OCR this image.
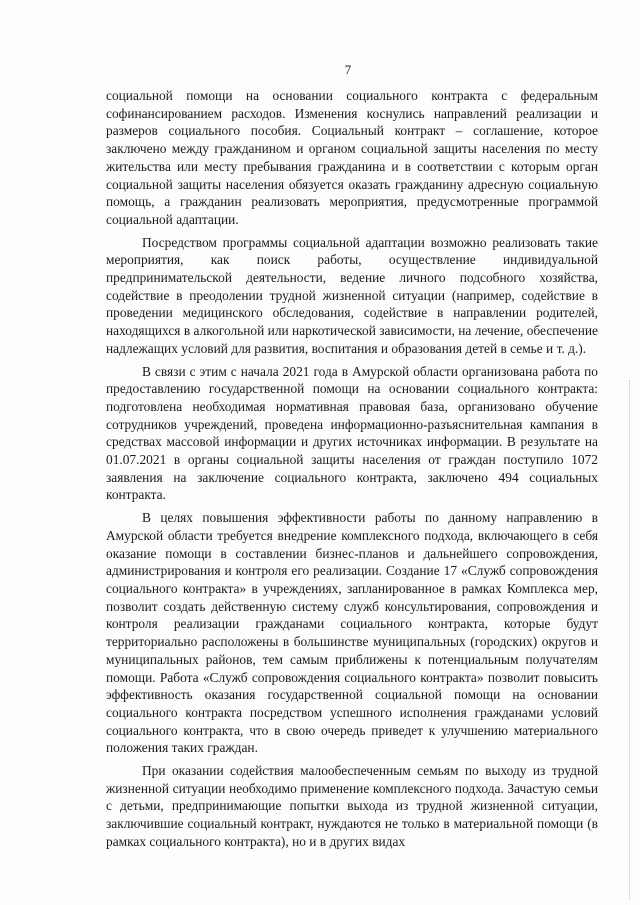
7

социальной помощи на основании социального контракта с федеральным софинансированием расходов. Изменения коснулись направлений реализации и размеров социального пособия. Социальный контракт – соглашение, которое заключено между гражданином и органом социальной защиты населения по месту жительства или месту пребывания гражданина и в соответствии с которым орган социальной защиты населения обязуется оказать гражданину адресную социальную помощь, а гражданин реализовать мероприятия, предусмотренные программой социальной адаптации.

Посредством программы социальной адаптации возможно реализовать такие мероприятия, как поиск работы, осуществление индивидуальной предпринимательской деятельности, ведение личного подсобного хозяйства, содействие в преодолении трудной жизненной ситуации (например, содействие в проведении медицинского обследования, содействие в направлении родителей, находящихся в алкогольной или наркотической зависимости, на лечение, обеспечение надлежащих условий для развития, воспитания и образования детей в семье и т. д.).

В связи с этим с начала 2021 года в Амурской области организована работа по предоставлению государственной помощи на основании социального контракта: подготовлена необходимая нормативная правовая база, организовано обучение сотрудников учреждений, проведена информационно-разъяснительная кампания в средствах массовой информации и других источниках информации. В результате на 01.07.2021 в органы социальной защиты населения от граждан поступило 1072 заявления на заключение социального контракта, заключено 494 социальных контракта.

В целях повышения эффективности работы по данному направлению в Амурской области требуется внедрение комплексного подхода, включающего в себя оказание помощи в составлении бизнес-планов и дальнейшего сопровождения, администрирования и контроля его реализации. Создание 17 «Служб сопровождения социального контракта» в учреждениях, запланированное в рамках Комплекса мер, позволит создать действенную систему служб консультирования, сопровождения и контроля реализации гражданами социального контракта, которые будут территориально расположены в большинстве муниципальных (городских) округов и муниципальных районов, тем самым приближены к потенциальным получателям помощи. Работа «Служб сопровождения социального контракта» позволит повысить эффективность оказания государственной социальной помощи на основании социального контракта посредством успешного исполнения гражданами условий социального контракта, что в свою очередь приведет к улучшению материального положения таких граждан.

При оказании содействия малообеспеченным семьям по выходу из трудной жизненной ситуации необходимо применение комплексного подхода. Зачастую семьи с детьми, предпринимающие попытки выхода из трудной жизненной ситуации, заключившие социальный контракт, нуждаются не только в материальной помощи (в рамках социального контракта), но и в других видах
